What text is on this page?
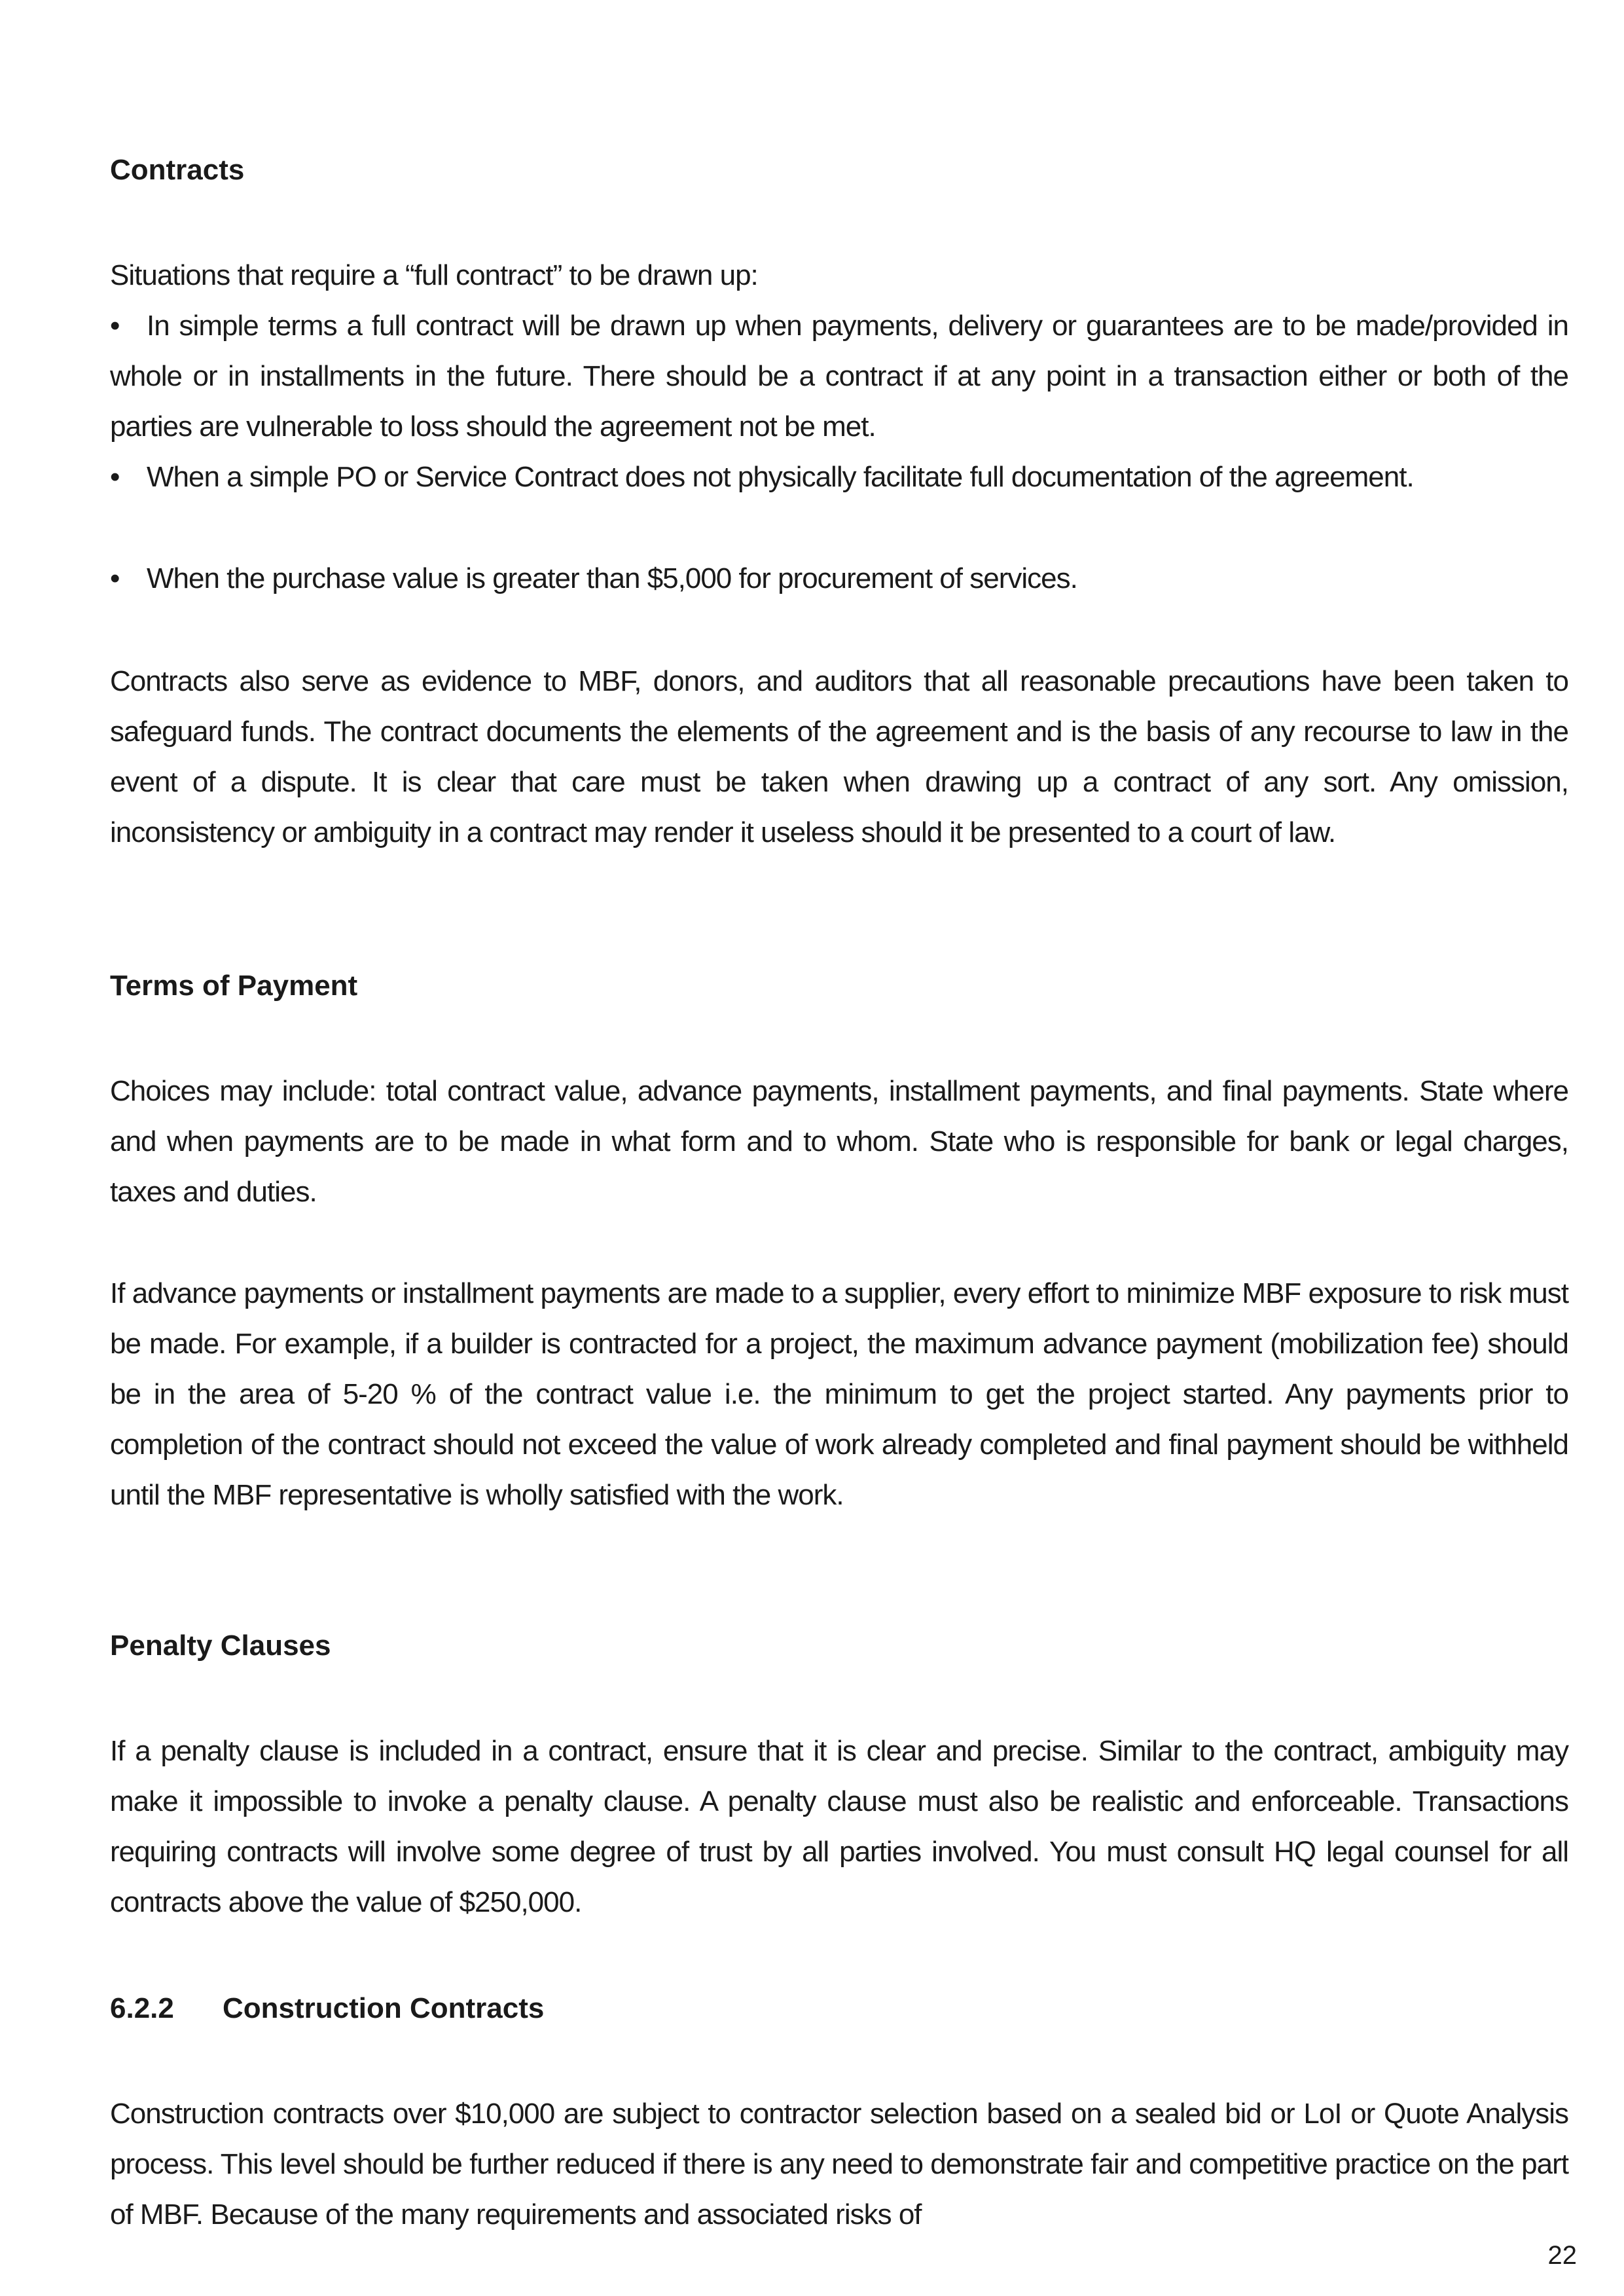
Contracts
Situations that require a “full contract” to be drawn up:
• In simple terms a full contract will be drawn up when payments, delivery or guarantees are to be made/provided in whole or in installments in the future. There should be a contract if at any point in a transaction either or both of the parties are vulnerable to loss should the agreement not be met.
• When a simple PO or Service Contract does not physically facilitate full documentation of the agreement.
• When the purchase value is greater than $5,000 for procurement of services.
Contracts also serve as evidence to MBF, donors, and auditors that all reasonable precautions have been taken to safeguard funds. The contract documents the elements of the agreement and is the basis of any recourse to law in the event of a dispute. It is clear that care must be taken when drawing up a contract of any sort. Any omission, inconsistency or ambiguity in a contract may render it useless should it be presented to a court of law.
Terms of Payment
Choices may include: total contract value, advance payments, installment payments, and final payments. State where and when payments are to be made in what form and to whom. State who is responsible for bank or legal charges, taxes and duties.
If advance payments or installment payments are made to a supplier, every effort to minimize MBF exposure to risk must be made. For example, if a builder is contracted for a project, the maximum advance payment (mobilization fee) should be in the area of 5-20 % of the contract value i.e. the minimum to get the project started. Any payments prior to completion of the contract should not exceed the value of work already completed and final payment should be withheld until the MBF representative is wholly satisfied with the work.
Penalty Clauses
If a penalty clause is included in a contract, ensure that it is clear and precise. Similar to the contract, ambiguity may make it impossible to invoke a penalty clause. A penalty clause must also be realistic and enforceable. Transactions requiring contracts will involve some degree of trust by all parties involved. You must consult HQ legal counsel for all contracts above the value of $250,000.
6.2.2 Construction Contracts
Construction contracts over $10,000 are subject to contractor selection based on a sealed bid or LoI or Quote Analysis process. This level should be further reduced if there is any need to demonstrate fair and competitive practice on the part of MBF. Because of the many requirements and associated risks of
22
